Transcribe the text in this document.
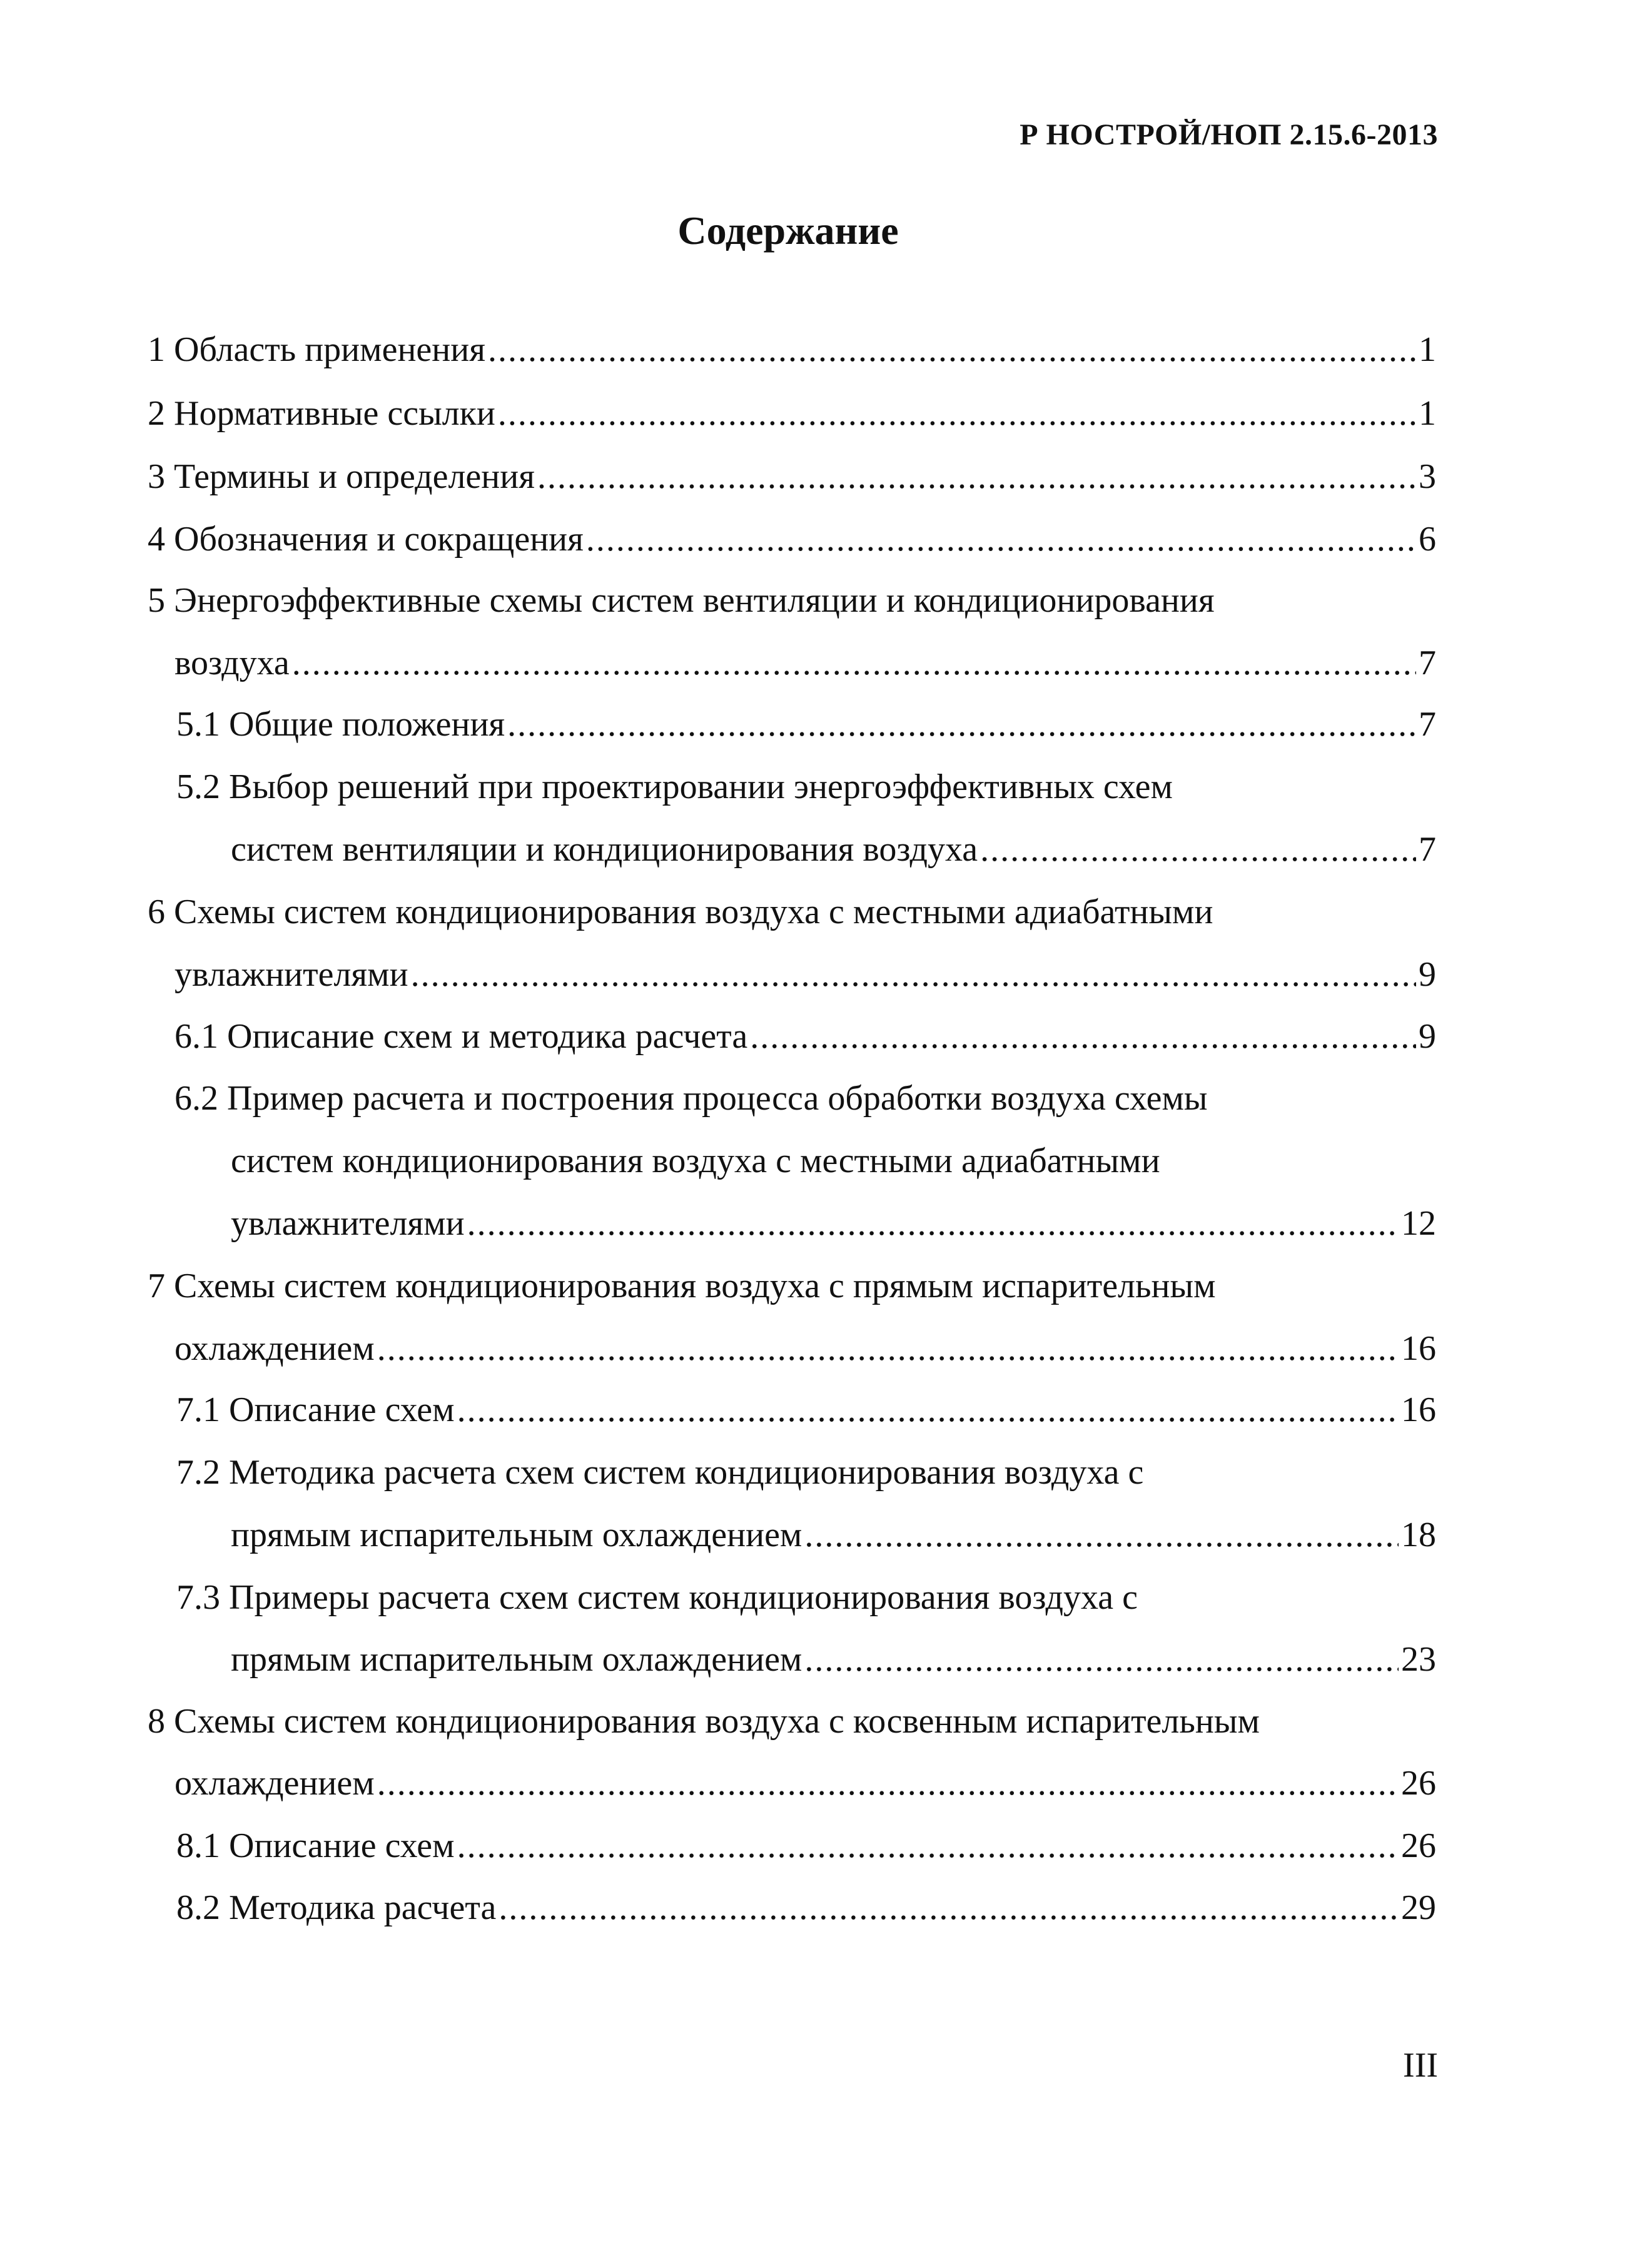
Р НОСТРОЙ/НОП 2.15.6-2013
Содержание
1 Область применения .....	1
2 Нормативные ссылки .....	1
3 Термины и определения .....	3
4 Обозначения и сокращения .....	6
5 Энергоэффективные схемы систем вентиляции и кондиционирования
воздуха .....	7
5.1 Общие положения .....	7
5.2 Выбор решений при проектировании энергоэффективных схем
систем вентиляции и кондиционирования воздуха .....	7
6 Схемы систем кондиционирования воздуха с местными адиабатными
увлажнителями .....	9
6.1 Описание схем и методика расчета .....	9
6.2 Пример расчета и построения процесса обработки воздуха схемы
систем кондиционирования воздуха с местными адиабатными
увлажнителями .....	12
7 Схемы систем кондиционирования воздуха с прямым испарительным
охлаждением .....	16
7.1 Описание схем .....	16
7.2 Методика расчета схем систем кондиционирования воздуха с
прямым испарительным охлаждением .....	18
7.3 Примеры расчета схем систем кондиционирования воздуха с
прямым испарительным охлаждением .....	23
8 Схемы систем кондиционирования воздуха с косвенным испарительным
охлаждением .....	26
8.1 Описание схем .....	26
8.2 Методика расчета .....	29
III
